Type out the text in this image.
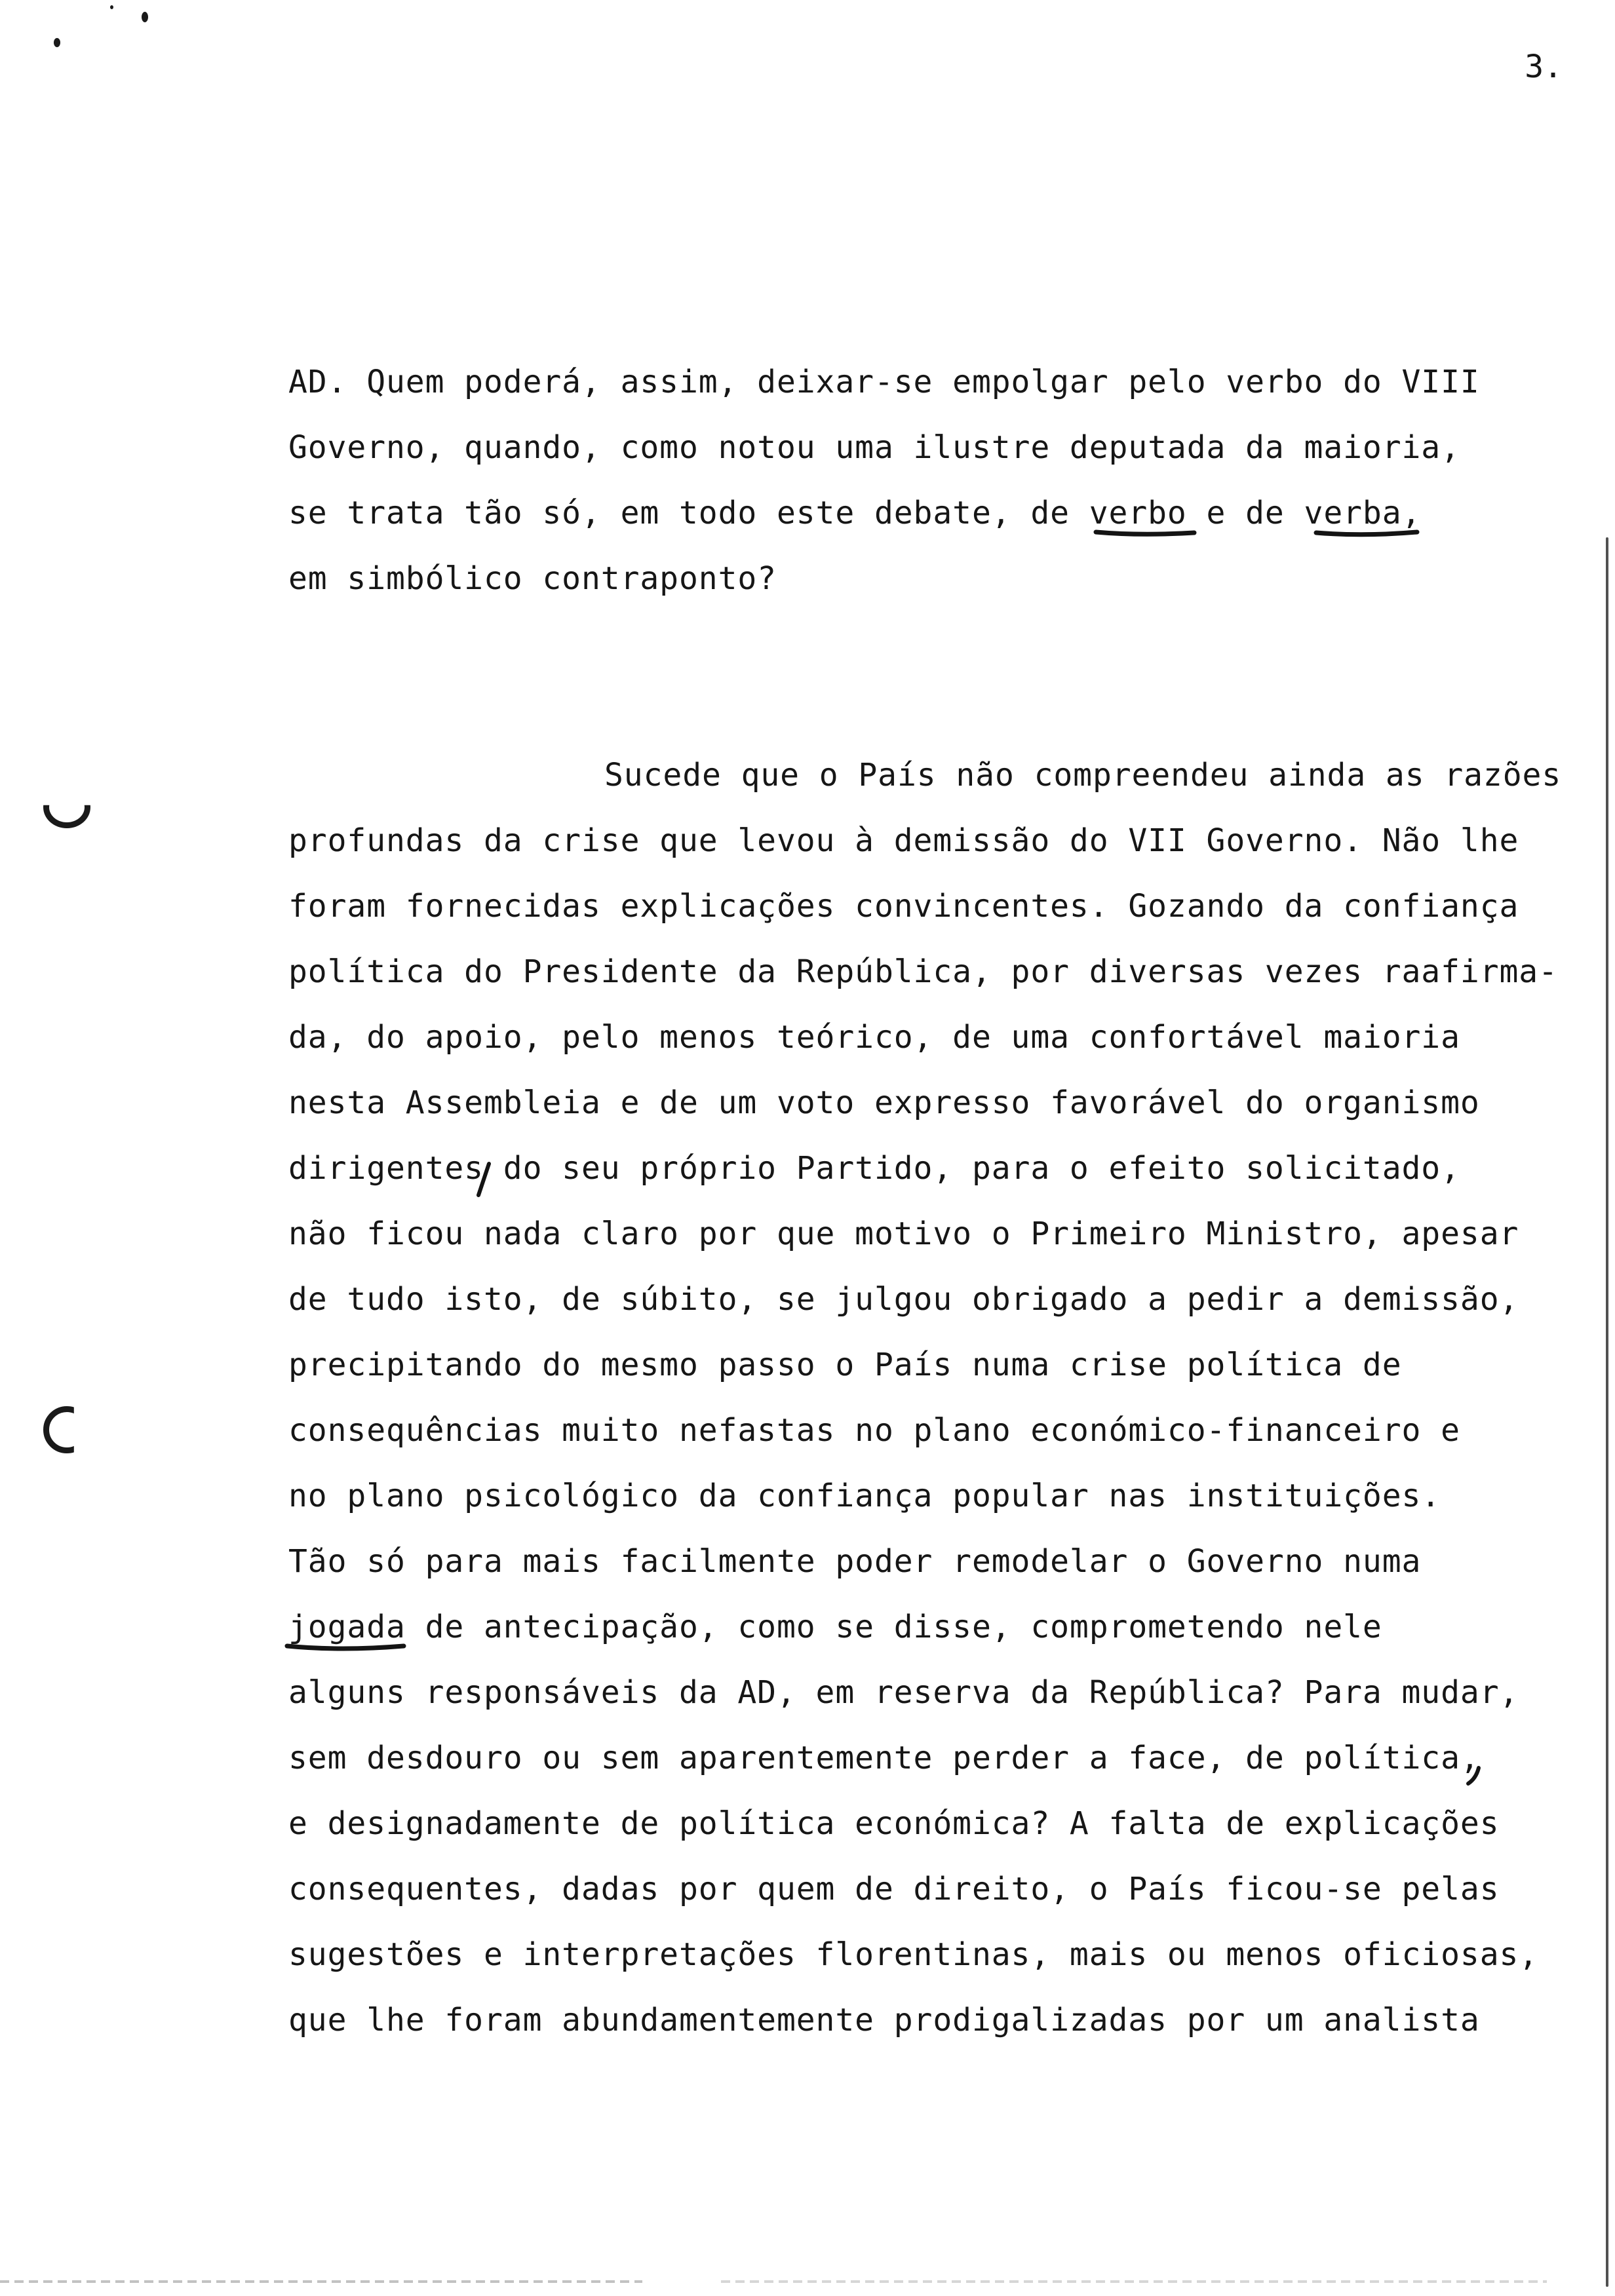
3.
AD. Quem poderá, assim, deixar-se empolgar pelo verbo do VIII
Governo, quando, como notou uma ilustre deputada da maioria,
se trata tão só, em todo este debate, de verbo e de verba,
em simbólico contraponto?
Sucede que o País não compreendeu ainda as razões
profundas da crise que levou à demissão do VII Governo. Não lhe
foram fornecidas explicações convincentes. Gozando da confiança
política do Presidente da República, por diversas vezes raafirma-
da, do apoio, pelo menos teórico, de uma confortável maioria
nesta Assembleia e de um voto expresso favorável do organismo
dirigentes do seu próprio Partido, para o efeito solicitado,
não ficou nada claro por que motivo o Primeiro Ministro, apesar
de tudo isto, de súbito, se julgou obrigado a pedir a demissão,
precipitando do mesmo passo o País numa crise política de
consequências muito nefastas no plano económico-financeiro e
no plano psicológico da confiança popular nas instituições.
Tão só para mais facilmente poder remodelar o Governo numa
jogada de antecipação, como se disse, comprometendo nele
alguns responsáveis da AD, em reserva da República? Para mudar,
sem desdouro ou sem aparentemente perder a face, de política,
e designadamente de política económica? A falta de explicações
consequentes, dadas por quem de direito, o País ficou-se pelas
sugestões e interpretações florentinas, mais ou menos oficiosas,
que lhe foram abundamentemente prodigalizadas por um analista
